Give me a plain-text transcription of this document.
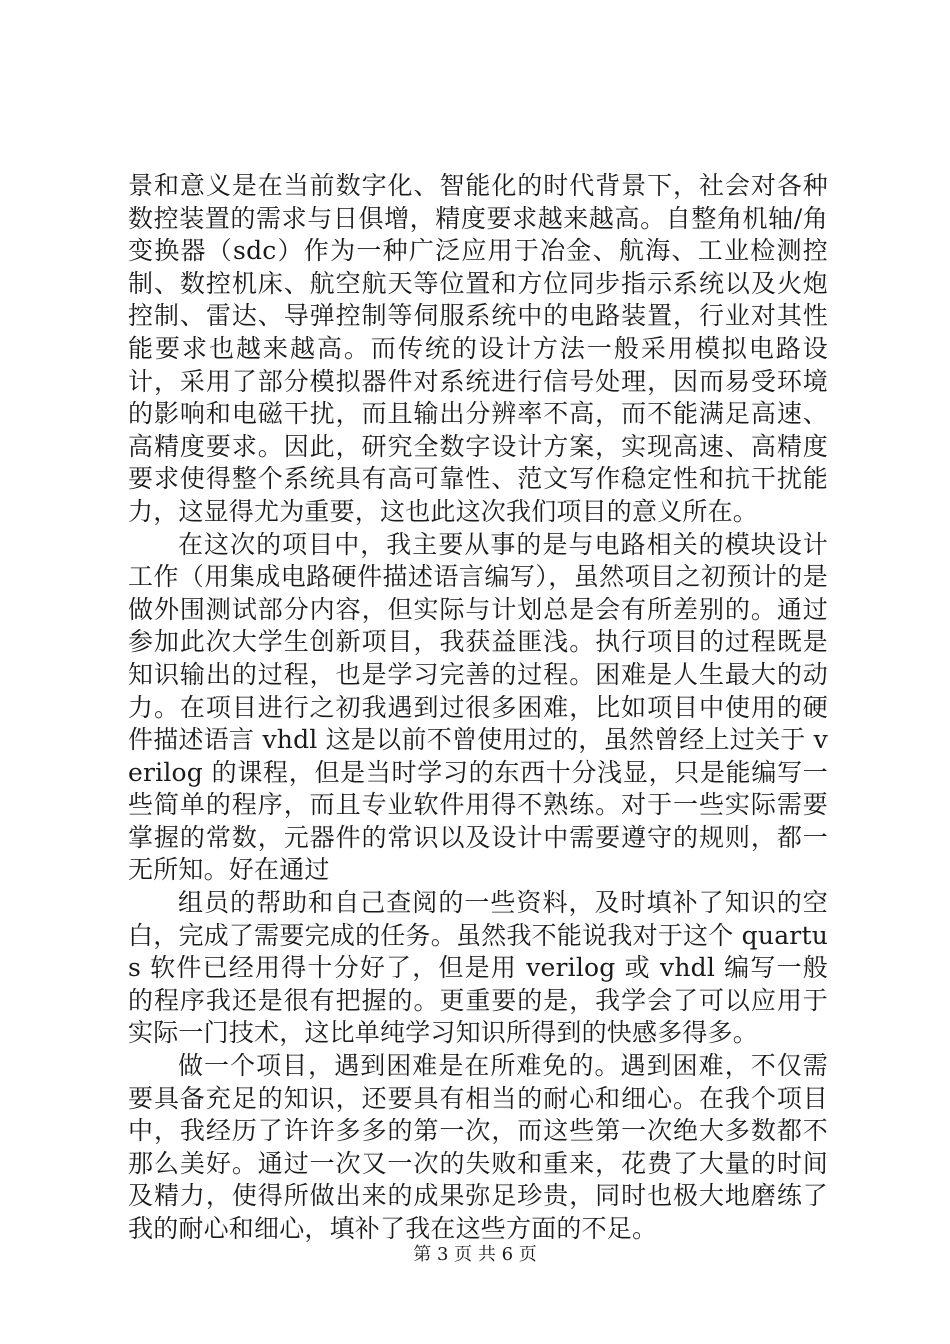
景和意义是在当前数字化、智能化的时代背景下，社会对各种数控装置的需求与日俱增，精度要求越来越高。自整角机轴/角变换器（sdc）作为一种广泛应用于冶金、航海、工业检测控制、数控机床、航空航天等位置和方位同步指示系统以及火炮控制、雷达、导弹控制等伺服系统中的电路装置，行业对其性能要求也越来越高。而传统的设计方法一般采用模拟电路设计，采用了部分模拟器件对系统进行信号处理，因而易受环境的影响和电磁干扰，而且输出分辨率不高，而不能满足高速、高精度要求。因此，研究全数字设计方案，实现高速、高精度要求使得整个系统具有高可靠性、范文写作稳定性和抗干扰能力，这显得尤为重要，这也此这次我们项目的意义所在。

在这次的项目中，我主要从事的是与电路相关的模块设计工作（用集成电路硬件描述语言编写），虽然项目之初预计的是做外围测试部分内容，但实际与计划总是会有所差别的。通过参加此次大学生创新项目，我获益匪浅。执行项目的过程既是知识输出的过程，也是学习完善的过程。困难是人生最大的动力。在项目进行之初我遇到过很多困难，比如项目中使用的硬件描述语言 vhdl 这是以前不曾使用过的，虽然曾经上过关于 verilog 的课程，但是当时学习的东西十分浅显，只是能编写一些简单的程序，而且专业软件用得不熟练。对于一些实际需要掌握的常数，元器件的常识以及设计中需要遵守的规则，都一无所知。好在通过

组员的帮助和自己查阅的一些资料，及时填补了知识的空白，完成了需要完成的任务。虽然我不能说我对于这个 quartus 软件已经用得十分好了，但是用 verilog 或 vhdl 编写一般的程序我还是很有把握的。更重要的是，我学会了可以应用于实际一门技术，这比单纯学习知识所得到的快感多得多。

做一个项目，遇到困难是在所难免的。遇到困难，不仅需要具备充足的知识，还要具有相当的耐心和细心。在我个项目中，我经历了许许多多的第一次，而这些第一次绝大多数都不那么美好。通过一次又一次的失败和重来，花费了大量的时间及精力，使得所做出来的成果弥足珍贵，同时也极大地磨练了我的耐心和细心，填补了我在这些方面的不足。

第 3 页 共 6 页
